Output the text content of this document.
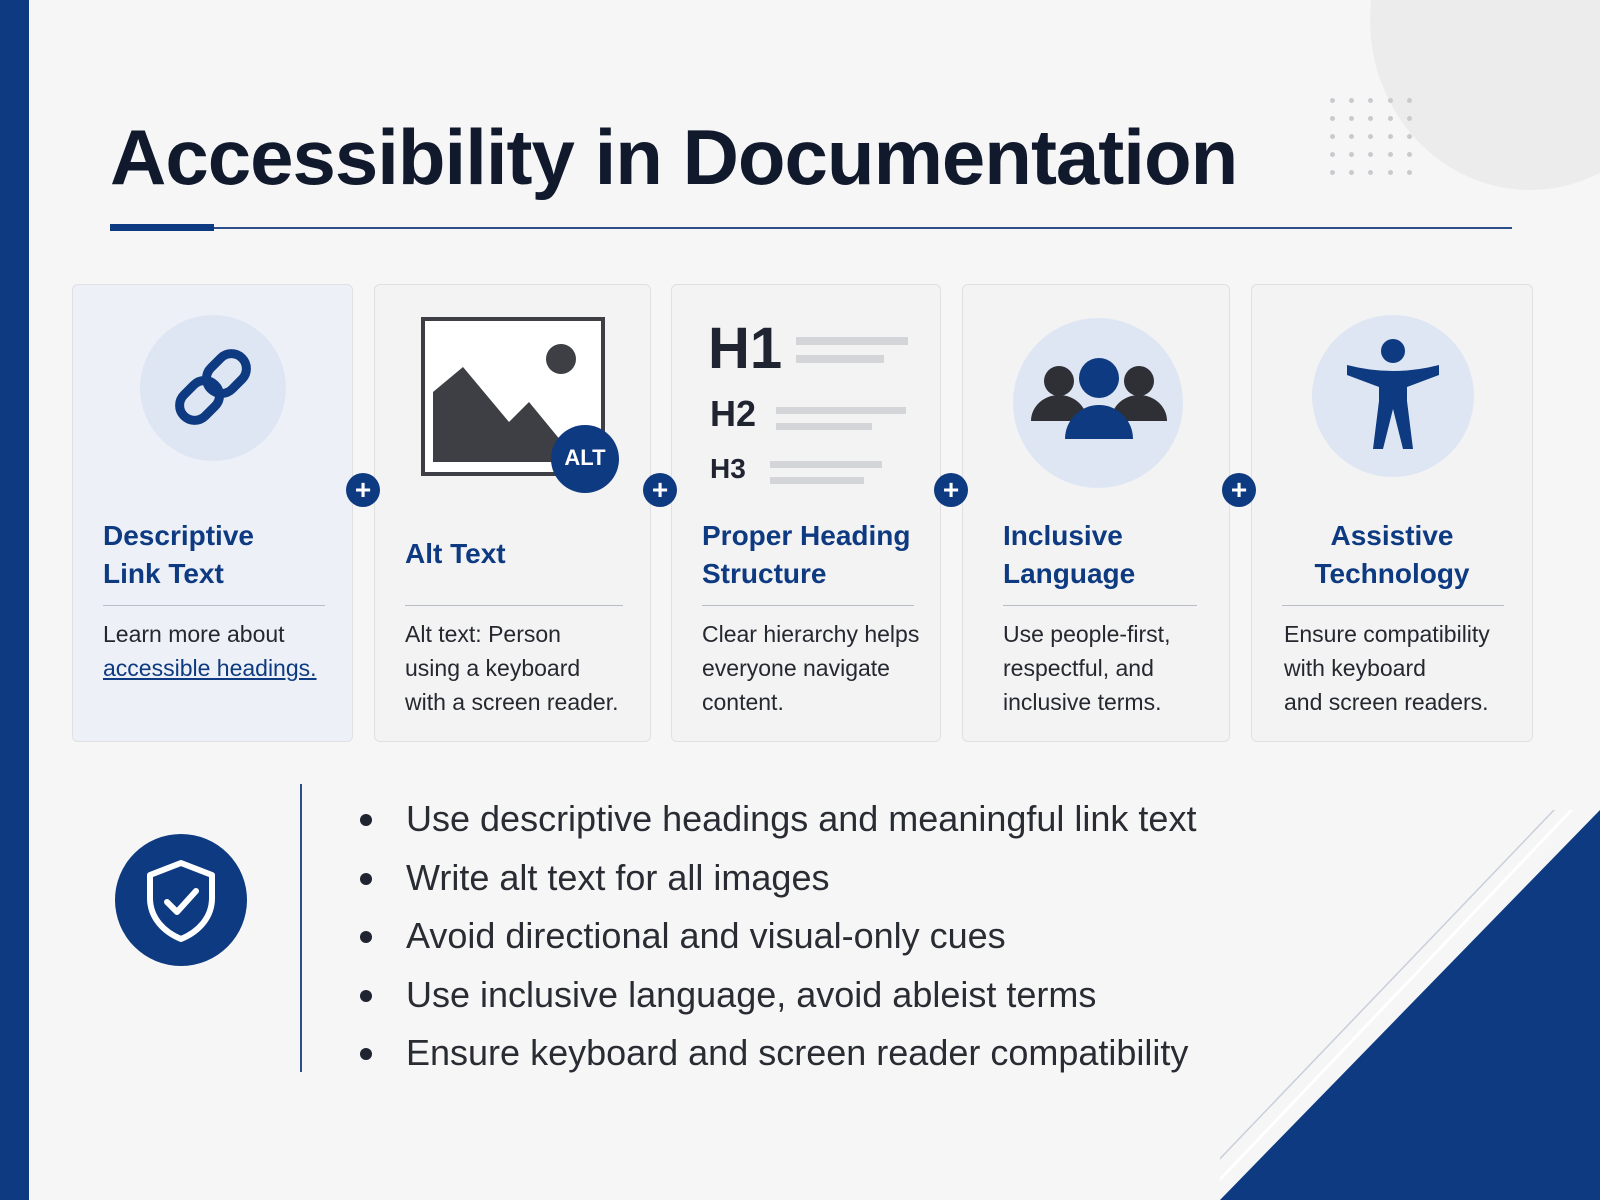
Accessibility in Documentation
Descriptive
Link Text
Learn more about
accessible headings.
ALT
Alt Text
Alt text: Person
using a keyboard
with a screen reader.
H1
H2
H3
Proper Heading
Structure
Clear hierarchy helps
everyone navigate
content.
Inclusive
Language
Use people-first,
respectful, and
inclusive terms.
Assistive
Technology
Ensure compatibility
with keyboard
and screen readers.
+	+	+	+
Use descriptive headings and meaningful link text
Write alt text for all images
Avoid directional and visual-only cues
Use inclusive language, avoid ableist terms
Ensure keyboard and screen reader compatibility
